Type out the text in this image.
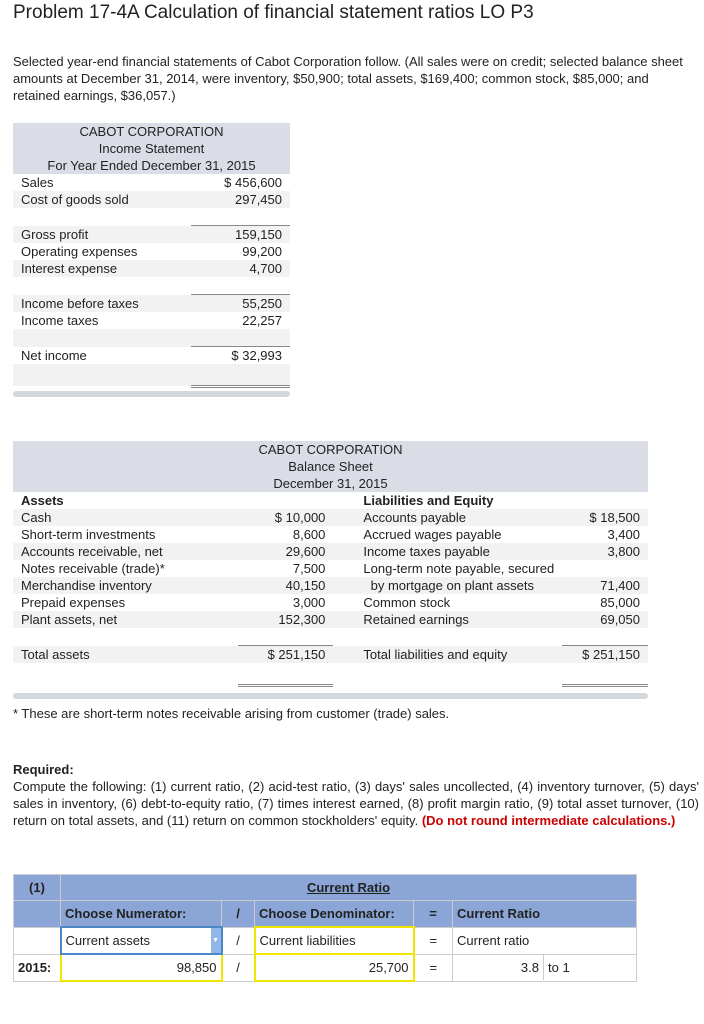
Problem 17-4A Calculation of financial statement ratios LO P3
Selected year-end financial statements of Cabot Corporation follow. (All sales were on credit; selected balance sheet amounts at December 31, 2014, were inventory, $50,900; total assets, $169,400; common stock, $85,000; and retained earnings, $36,057.)
CABOT CORPORATION	
Income Statement	
For Year Ended December 31, 2015	
Sales	$ 456,600
Cost of goods sold	297,450

Gross profit	159,150
Operating expenses	99,200
Interest expense	4,700

Income before taxes	55,250
Income taxes	22,257

Net income	$ 32,993

CABOT CORPORATION			
Balance Sheet			
December 31, 2015			
Assets		Liabilities and Equity	
Cash	$ 10,000	Accounts payable	$ 18,500
Short-term investments	8,600	Accrued wages payable	3,400
Accounts receivable, net	29,600	Income taxes payable	3,800
Notes receivable (trade)*	7,500	Long-term note payable, secured	
Merchandise inventory	40,150	by mortgage on plant assets	71,400
Prepaid expenses	3,000	Common stock	85,000
Plant assets, net	152,300	Retained earnings	69,050

Total assets	$ 251,150	Total liabilities and equity	$ 251,150

* These are short-term notes receivable arising from customer (trade) sales.
Required:
Compute the following: (1) current ratio, (2) acid-test ratio, (3) days' sales uncollected, (4) inventory turnover, (5) days' sales in inventory, (6) debt-to-equity ratio, (7) times interest earned, (8) profit margin ratio, (9) total asset turnover, (10) return on total assets, and (11) return on common stockholders' equity. (Do not round intermediate calculations.)
(1)	Current Ratio				
	Choose Numerator:	/	Choose Denominator:	=	Current Ratio
	Current assets ▼	/	Current liabilities	=	Current ratio
2015:	98,850	/	25,700	=	3.8 to 1
